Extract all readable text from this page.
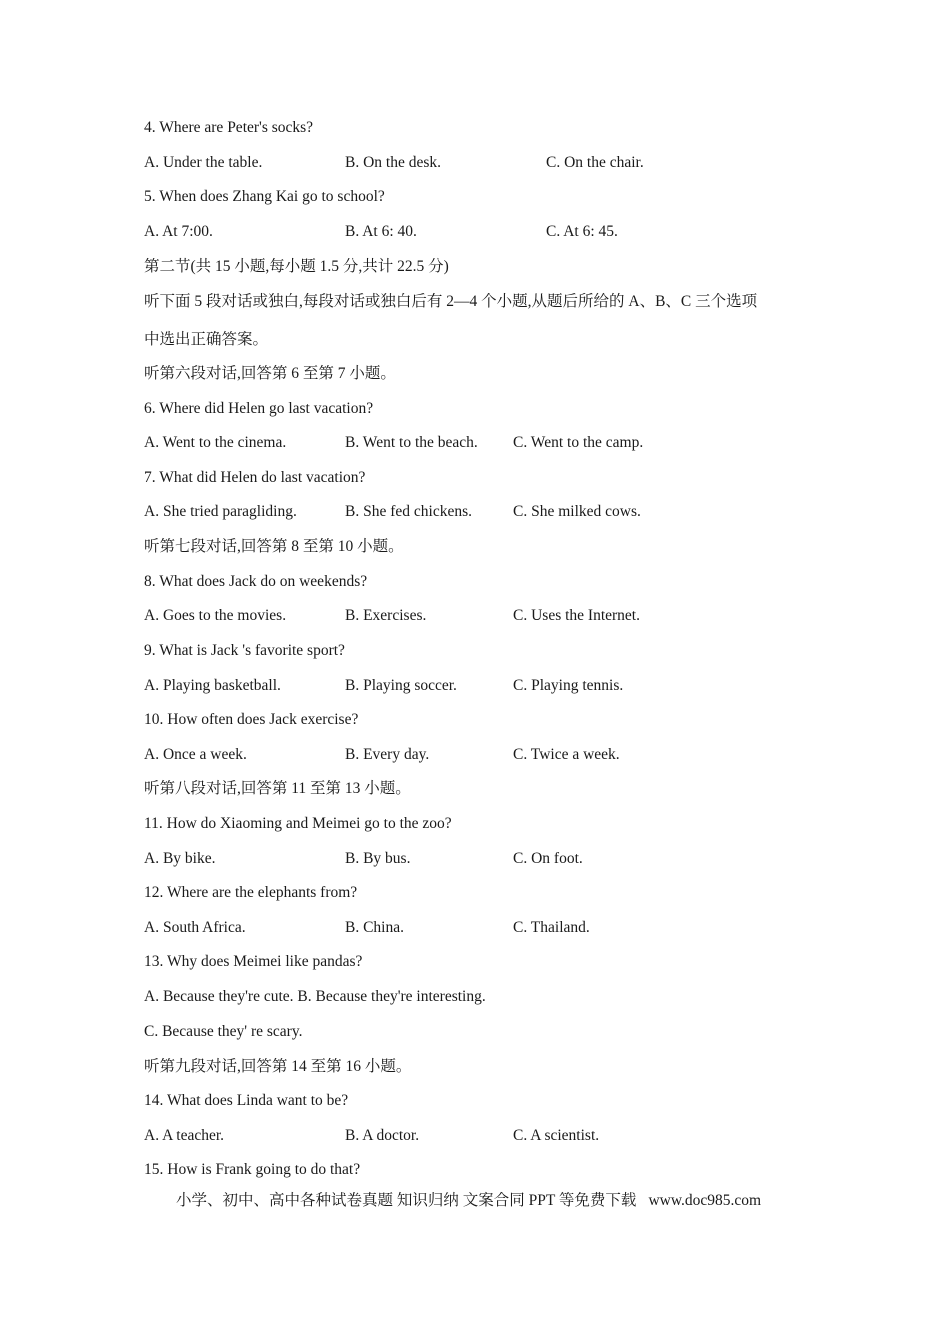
4. Where are Peter's socks?
A. Under the table.	B. On the desk.	C. On the chair.
5. When does Zhang Kai go to school?
A. At 7:00.	B. At 6: 40.	C. At 6: 45.
第二节(共 15 小题,每小题 1.5 分,共计 22.5 分)
听下面 5 段对话或独白,每段对话或独白后有 2—4 个小题,从题后所给的 A、B、C 三个选项
中选出正确答案。
听第六段对话,回答第 6 至第 7 小题。
6. Where did Helen go last vacation?
A. Went to the cinema.	B. Went to the beach. C. Went to the camp.
7. What did Helen do last vacation?
A. She tried paragliding.	B. She fed chickens.	C. She milked cows.
听第七段对话,回答第 8 至第 10 小题。
8. What does Jack do on weekends?
A. Goes to the movies.	B. Exercises.	C. Uses the Internet.
9. What is Jack 's favorite sport?
A. Playing basketball.	B. Playing soccer.	C. Playing tennis.
10. How often does Jack exercise?
A. Once a week.	B. Every day.	C. Twice a week.
听第八段对话,回答第 11 至第 13 小题。
11. How do Xiaoming and Meimei go to the zoo?
A. By bike.	B. By bus.	C. On foot.
12. Where are the elephants from?
A. South Africa.	B. China.	C. Thailand.
13. Why does Meimei like pandas?
A. Because they're cute. B. Because they're interesting.
C. Because they' re scary.
听第九段对话,回答第 14 至第 16 小题。
14. What does Linda want to be?
A. A teacher.	B. A doctor.	C. A scientist.
15. How is Frank going to do that?
小学、初中、高中各种试卷真题 知识归纳 文案合同 PPT 等免费下载 www.doc985.com
